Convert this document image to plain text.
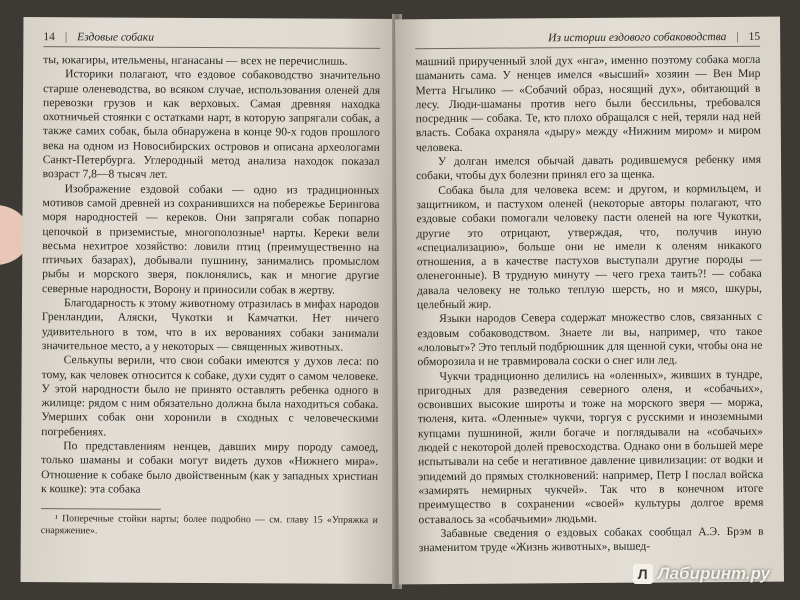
14 | Ездовые собаки

ты, юкагиры, ительмены, нганасаны — всех не перечислишь.

Историки полагают, что ездовое собаководство значительно старше оленеводства, во всяком случае, использования оленей для перевозки грузов и как верховых. Самая древняя находка охотничьей стоянки с остатками нарт, в которую запрягали собак, а также самих собак, была обнаружена в конце 90-х годов прошлого века на одном из Новосибирских островов и описана археологами Санкт-Петербурга. Углеродный метод анализа находок показал возраст 7,8—8 тысяч лет.

Изображение ездовой собаки — одно из традиционных мотивов самой древней из сохранившихся на побережье Берингова моря народностей — кереков. Они запрягали собак попарно цепочкой в приземистые, многополозные¹ нарты. Кереки вели весьма нехитрое хозяйство: ловили птиц (преимущественно на птичьих базарах), добывали пушнину, занимались промыслом рыбы и морского зверя, поклонялись, как и многие другие северные народности, Ворону и приносили собак в жертву.

Благодарность к этому животному отразилась в мифах народов Гренландии, Аляски, Чукотки и Камчатки. Нет ничего удивительного в том, что в их верованиях собаки занимали значительное место, а у некоторых — священных животных.

Селькупы верили, что свои собаки имеются у духов леса: по тому, как человек относится к собаке, духи судят о самом человеке. У этой народности было не принято оставлять ребенка одного в жилище: рядом с ним обязательно должна была находиться собака. Умерших собак они хоронили в сходных с человеческими погребениях.

По представлениям ненцев, давших миру породу самоед, только шаманы и собаки могут видеть духов «Нижнего мира». Отношение к собаке было двойственным (как у западных христиан к кошке): эта собака

¹ Поперечные стойки нарты; более подробно — см. главу 15 «Упряжка и снаряжение».
Из истории ездового собаководства | 15

машний прирученный злой дух «нга», именно поэтому собака могла шаманить сама. У ненцев имелся «высший» хозяин — Вен Мир Метта Нгылико — «Собачий образ, носящий дух», обитающий в лесу. Люди-шаманы против него были бессильны, требовался посредник — собака. Те, кто плохо обращался с ней, теряли над ней власть. Собака охраняла «дыру» между «Нижним миром» и миром человека.

У долган имелся обычай давать родившемуся ребенку имя собаки, чтобы дух болезни принял его за щенка.

Собака была для человека всем: и другом, и кормильцем, и защитником, и пастухом оленей (некоторые авторы полагают, что ездовые собаки помогали человеку пасти оленей на юге Чукотки, другие это отрицают, утверждая, что, получив иную «специализацию», больше они не имели к оленям никакого отношения, а в качестве пастухов выступали другие породы — оленегонные). В трудную минуту — чего греха таить?! — собака давала человеку не только теплую шерсть, но и мясо, шкуры, целебный жир.

Языки народов Севера содержат множество слов, связанных с ездовым собаководством. Знаете ли вы, например, что такое «лоловыт»? Это теплый подбрюшник для щенной суки, чтобы она не обморозила и не травмировала соски о снег или лед.

Чукчи традиционно делились на «оленных», живших в тундре, пригодных для разведения северного оленя, и «собачьих», освоивших высокие широты и тоже на морского зверя — моржа, тюленя, кита. «Оленные» чукчи, торгуя с русскими и иноземными купцами пушниной, жили богаче и поглядывали на «собачьих» людей с некоторой долей превосходства. Однако они в большей мере испытывали на себе и негативное давление цивилизации: от водки и эпидемий до прямых столкновений: например, Петр I послал войска «замирять немирных чукчей». Так что в конечном итоге преимущество в сохранении «своей» культуры долгое время оставалось за «собачьими» людьми.

Забавные сведения о ездовых собаках сообщал А.Э. Брэм в знаменитом труде «Жизнь животных», вышед-

Л Лабиринт.ру
